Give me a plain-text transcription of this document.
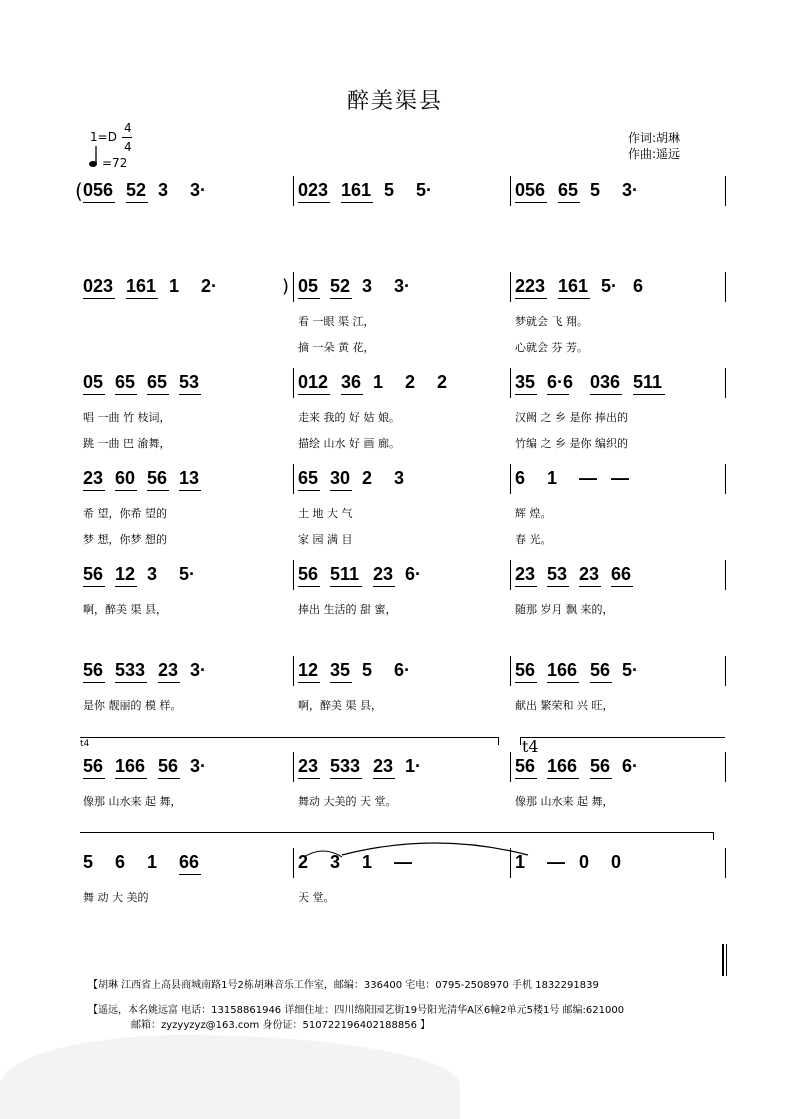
醉美渠县
1=D
4
4
=72
作词:胡琳
作曲:遥远
(
)
t4	t4
056 52 3 3·	023 161 5 5·	056 65 5 3·
023 161 1 2·	05 52 3 3·	223 161 5· 6
看 一眼 渠 江，	梦就会 飞 翔。
摘 一朵 黄 花，	心就会 芬 芳。
05 65 65 53	012 36 1 2 2	35 6·6 036 511
唱 一曲 竹 枝词，	走来 我的 好 姑 娘。	汉阙 之 乡 是你 捧出的
跳 一曲 巴 渝舞，	描绘 山水 好 画 廊。	竹编 之 乡 是你 编织的
23 60 56 13	65 30 2 3	6 1 — —
希 望，你希 望的	土 地 大 气	辉 煌。
梦 想，你梦 想的	家 园 满 目	春 光。
56 12 3 5·	56 511 23 6·	23 53 23 66
啊，醉美 渠 县，	捧出 生活的 甜 蜜，	随那 岁月 飘 来的，
56 533 23 3·	12 35 5 6·	56 166 56 5·
是你 靓丽的 模 样。	啊，醉美 渠 县，	献出 繁荣和 兴 旺，
56 166 56 3·	23 533 23 1·	56 166 56 6·
像那 山水来 起 舞，	舞动 大美的 天 堂。	像那 山水来 起 舞，
5 6 1 66	2 3 1 —	1 — 0 0
舞 动 大 美的	天 堂。
【胡琳 江西省上高县商城南路1号2栋胡琳音乐工作室，邮编：336400 宅电：0795-2508970 手机 1832291839
【遥远，本名姚远富 电话：13158861946 详细住址：四川绵阳园艺街19号阳光清华A区6幢2单元5楼1号 邮编:621000
邮箱：zyzyyzyz@163.com 身份证：510722196402188856 】
